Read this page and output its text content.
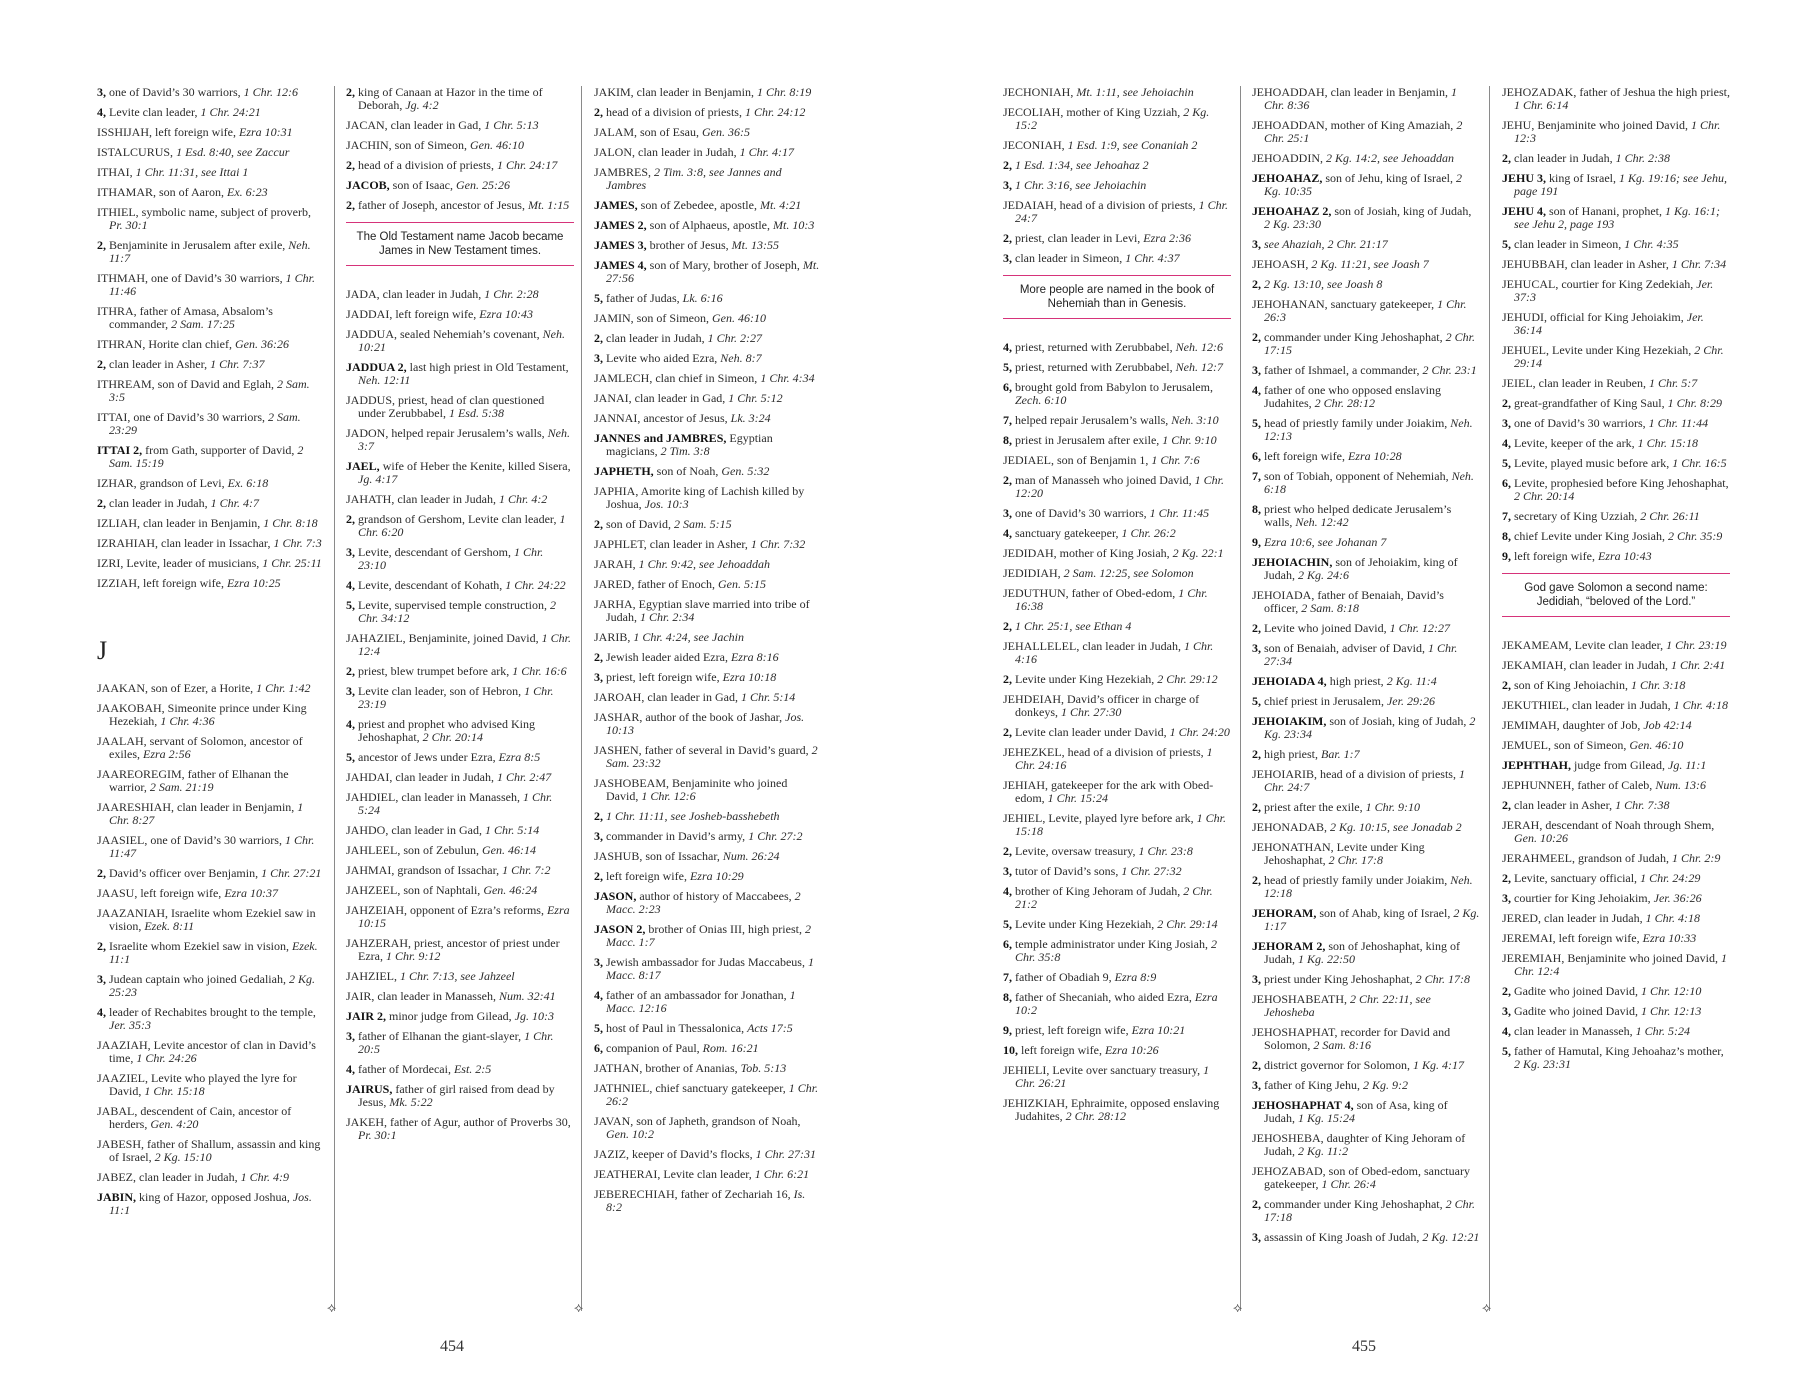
3, one of David’s 30 warriors, 1 Chr. 12:6
4, Levite clan leader, 1 Chr. 24:21
ISSHIJAH, left foreign wife, Ezra 10:31
ISTALCURUS, 1 Esd. 8:40, see Zaccur
ITHAI, 1 Chr. 11:31, see Ittai 1
ITHAMAR, son of Aaron, Ex. 6:23
ITHIEL, symbolic name, subject of proverb, Pr. 30:1
2, Benjaminite in Jerusalem after exile, Neh. 11:7
ITHMAH, one of David’s 30 warriors, 1 Chr. 11:46
ITHRA, father of Amasa, Absalom’s commander, 2 Sam. 17:25
ITHRAN, Horite clan chief, Gen. 36:26
2, clan leader in Asher, 1 Chr. 7:37
ITHREAM, son of David and Eglah, 2 Sam. 3:5
ITTAI, one of David’s 30 warriors, 2 Sam. 23:29
ITTAI 2, from Gath, supporter of David, 2 Sam. 15:19
IZHAR, grandson of Levi, Ex. 6:18
2, clan leader in Judah, 1 Chr. 4:7
IZLIAH, clan leader in Benjamin, 1 Chr. 8:18
IZRAHIAH, clan leader in Issachar, 1 Chr. 7:3
IZRI, Levite, leader of musicians, 1 Chr. 25:11
IZZIAH, left foreign wife, Ezra 10:25
J
JAAKAN, son of Ezer, a Horite, 1 Chr. 1:42
JAAKOBAH, Simeonite prince under King Hezekiah, 1 Chr. 4:36
JAALAH, servant of Solomon, ancestor of exiles, Ezra 2:56
JAAREOREGIM, father of Elhanan the warrior, 2 Sam. 21:19
JAARESHIAH, clan leader in Benjamin, 1 Chr. 8:27
JAASIEL, one of David’s 30 warriors, 1 Chr. 11:47
2, David’s officer over Benjamin, 1 Chr. 27:21
JAASU, left foreign wife, Ezra 10:37
JAAZANIAH, Israelite whom Ezekiel saw in vision, Ezek. 8:11
2, Israelite whom Ezekiel saw in vision, Ezek. 11:1
3, Judean captain who joined Gedaliah, 2 Kg. 25:23
4, leader of Rechabites brought to the temple, Jer. 35:3
JAAZIAH, Levite ancestor of clan in David’s time, 1 Chr. 24:26
JAAZIEL, Levite who played the lyre for David, 1 Chr. 15:18
JABAL, descendent of Cain, ancestor of herders, Gen. 4:20
JABESH, father of Shallum, assassin and king of Israel, 2 Kg. 15:10
JABEZ, clan leader in Judah, 1 Chr. 4:9
JABIN, king of Hazor, opposed Joshua, Jos. 11:1
2, king of Canaan at Hazor in the time of Deborah, Jg. 4:2
JACAN, clan leader in Gad, 1 Chr. 5:13
JACHIN, son of Simeon, Gen. 46:10
2, head of a division of priests, 1 Chr. 24:17
JACOB, son of Isaac, Gen. 25:26
2, father of Joseph, ancestor of Jesus, Mt. 1:15
The Old Testament name Jacob became James in New Testament times.
JADA, clan leader in Judah, 1 Chr. 2:28
JADDAI, left foreign wife, Ezra 10:43
JADDUA, sealed Nehemiah’s covenant, Neh. 10:21
JADDUA 2, last high priest in Old Testament, Neh. 12:11
JADDUS, priest, head of clan questioned under Zerubbabel, 1 Esd. 5:38
JADON, helped repair Jerusalem’s walls, Neh. 3:7
JAEL, wife of Heber the Kenite, killed Sisera, Jg. 4:17
JAHATH, clan leader in Judah, 1 Chr. 4:2
2, grandson of Gershom, Levite clan leader, 1 Chr. 6:20
3, Levite, descendant of Gershom, 1 Chr. 23:10
4, Levite, descendant of Kohath, 1 Chr. 24:22
5, Levite, supervised temple construction, 2 Chr. 34:12
JAHAZIEL, Benjaminite, joined David, 1 Chr. 12:4
2, priest, blew trumpet before ark, 1 Chr. 16:6
3, Levite clan leader, son of Hebron, 1 Chr. 23:19
4, priest and prophet who advised King Jehoshaphat, 2 Chr. 20:14
5, ancestor of Jews under Ezra, Ezra 8:5
JAHDAI, clan leader in Judah, 1 Chr. 2:47
JAHDIEL, clan leader in Manasseh, 1 Chr. 5:24
JAHDO, clan leader in Gad, 1 Chr. 5:14
JAHLEEL, son of Zebulun, Gen. 46:14
JAHMAI, grandson of Issachar, 1 Chr. 7:2
JAHZEEL, son of Naphtali, Gen. 46:24
JAHZEIAH, opponent of Ezra’s reforms, Ezra 10:15
JAHZERAH, priest, ancestor of priest under Ezra, 1 Chr. 9:12
JAHZIEL, 1 Chr. 7:13, see Jahzeel
JAIR, clan leader in Manasseh, Num. 32:41
JAIR 2, minor judge from Gilead, Jg. 10:3
3, father of Elhanan the giant-slayer, 1 Chr. 20:5
4, father of Mordecai, Est. 2:5
JAIRUS, father of girl raised from dead by Jesus, Mk. 5:22
JAKEH, father of Agur, author of Proverbs 30, Pr. 30:1
JAKIM, clan leader in Benjamin, 1 Chr. 8:19
2, head of a division of priests, 1 Chr. 24:12
JALAM, son of Esau, Gen. 36:5
JALON, clan leader in Judah, 1 Chr. 4:17
JAMBRES, 2 Tim. 3:8, see Jannes and Jambres
JAMES, son of Zebedee, apostle, Mt. 4:21
JAMES 2, son of Alphaeus, apostle, Mt. 10:3
JAMES 3, brother of Jesus, Mt. 13:55
JAMES 4, son of Mary, brother of Joseph, Mt. 27:56
5, father of Judas, Lk. 6:16
JAMIN, son of Simeon, Gen. 46:10
2, clan leader in Judah, 1 Chr. 2:27
3, Levite who aided Ezra, Neh. 8:7
JAMLECH, clan chief in Simeon, 1 Chr. 4:34
JANAI, clan leader in Gad, 1 Chr. 5:12
JANNAI, ancestor of Jesus, Lk. 3:24
JANNES and JAMBRES, Egyptian magicians, 2 Tim. 3:8
JAPHETH, son of Noah, Gen. 5:32
JAPHIA, Amorite king of Lachish killed by Joshua, Jos. 10:3
2, son of David, 2 Sam. 5:15
JAPHLET, clan leader in Asher, 1 Chr. 7:32
JARAH, 1 Chr. 9:42, see Jehoaddah
JARED, father of Enoch, Gen. 5:15
JARHA, Egyptian slave married into tribe of Judah, 1 Chr. 2:34
JARIB, 1 Chr. 4:24, see Jachin
2, Jewish leader aided Ezra, Ezra 8:16
3, priest, left foreign wife, Ezra 10:18
JAROAH, clan leader in Gad, 1 Chr. 5:14
JASHAR, author of the book of Jashar, Jos. 10:13
JASHEN, father of several in David’s guard, 2 Sam. 23:32
JASHOBEAM, Benjaminite who joined David, 1 Chr. 12:6
2, 1 Chr. 11:11, see Josheb-basshebeth
3, commander in David’s army, 1 Chr. 27:2
JASHUB, son of Issachar, Num. 26:24
2, left foreign wife, Ezra 10:29
JASON, author of history of Maccabees, 2 Macc. 2:23
JASON 2, brother of Onias III, high priest, 2 Macc. 1:7
3, Jewish ambassador for Judas Maccabeus, 1 Macc. 8:17
4, father of an ambassador for Jonathan, 1 Macc. 12:16
5, host of Paul in Thessalonica, Acts 17:5
6, companion of Paul, Rom. 16:21
JATHAN, brother of Ananias, Tob. 5:13
JATHNIEL, chief sanctuary gatekeeper, 1 Chr. 26:2
JAVAN, son of Japheth, grandson of Noah, Gen. 10:2
JAZIZ, keeper of David’s flocks, 1 Chr. 27:31
JEATHERAI, Levite clan leader, 1 Chr. 6:21
JEBERECHIAH, father of Zechariah 16, Is. 8:2
JECHONIAH, Mt. 1:11, see Jehoiachin
JECOLIAH, mother of King Uzziah, 2 Kg. 15:2
JECONIAH, 1 Esd. 1:9, see Conaniah 2
2, 1 Esd. 1:34, see Jehoahaz 2
3, 1 Chr. 3:16, see Jehoiachin
JEDAIAH, head of a division of priests, 1 Chr. 24:7
2, priest, clan leader in Levi, Ezra 2:36
3, clan leader in Simeon, 1 Chr. 4:37
More people are named in the book of Nehemiah than in Genesis.
4, priest, returned with Zerubbabel, Neh. 12:6
5, priest, returned with Zerubbabel, Neh. 12:7
6, brought gold from Babylon to Jerusalem, Zech. 6:10
7, helped repair Jerusalem’s walls, Neh. 3:10
8, priest in Jerusalem after exile, 1 Chr. 9:10
JEDIAEL, son of Benjamin 1, 1 Chr. 7:6
2, man of Manasseh who joined David, 1 Chr. 12:20
3, one of David’s 30 warriors, 1 Chr. 11:45
4, sanctuary gatekeeper, 1 Chr. 26:2
JEDIDAH, mother of King Josiah, 2 Kg. 22:1
JEDIDIAH, 2 Sam. 12:25, see Solomon
JEDUTHUN, father of Obed-edom, 1 Chr. 16:38
2, 1 Chr. 25:1, see Ethan 4
JEHALLELEL, clan leader in Judah, 1 Chr. 4:16
2, Levite under King Hezekiah, 2 Chr. 29:12
JEHDEIAH, David’s officer in charge of donkeys, 1 Chr. 27:30
2, Levite clan leader under David, 1 Chr. 24:20
JEHEZKEL, head of a division of priests, 1 Chr. 24:16
JEHIAH, gatekeeper for the ark with Obed-edom, 1 Chr. 15:24
JEHIEL, Levite, played lyre before ark, 1 Chr. 15:18
2, Levite, oversaw treasury, 1 Chr. 23:8
3, tutor of David’s sons, 1 Chr. 27:32
4, brother of King Jehoram of Judah, 2 Chr. 21:2
5, Levite under King Hezekiah, 2 Chr. 29:14
6, temple administrator under King Josiah, 2 Chr. 35:8
7, father of Obadiah 9, Ezra 8:9
8, father of Shecaniah, who aided Ezra, Ezra 10:2
9, priest, left foreign wife, Ezra 10:21
10, left foreign wife, Ezra 10:26
JEHIELI, Levite over sanctuary treasury, 1 Chr. 26:21
JEHIZKIAH, Ephraimite, opposed enslaving Judahites, 2 Chr. 28:12
JEHOADDAH, clan leader in Benjamin, 1 Chr. 8:36
JEHOADDAN, mother of King Amaziah, 2 Chr. 25:1
JEHOADDIN, 2 Kg. 14:2, see Jehoaddan
JEHOAHAZ, son of Jehu, king of Israel, 2 Kg. 10:35
JEHOAHAZ 2, son of Josiah, king of Judah, 2 Kg. 23:30
3, see Ahaziah, 2 Chr. 21:17
JEHOASH, 2 Kg. 11:21, see Joash 7
2, 2 Kg. 13:10, see Joash 8
JEHOHANAN, sanctuary gatekeeper, 1 Chr. 26:3
2, commander under King Jehoshaphat, 2 Chr. 17:15
3, father of Ishmael, a commander, 2 Chr. 23:1
4, father of one who opposed enslaving Judahites, 2 Chr. 28:12
5, head of priestly family under Joiakim, Neh. 12:13
6, left foreign wife, Ezra 10:28
7, son of Tobiah, opponent of Nehemiah, Neh. 6:18
8, priest who helped dedicate Jerusalem’s walls, Neh. 12:42
9, Ezra 10:6, see Johanan 7
JEHOIACHIN, son of Jehoiakim, king of Judah, 2 Kg. 24:6
JEHOIADA, father of Benaiah, David’s officer, 2 Sam. 8:18
2, Levite who joined David, 1 Chr. 12:27
3, son of Benaiah, adviser of David, 1 Chr. 27:34
JEHOIADA 4, high priest, 2 Kg. 11:4
5, chief priest in Jerusalem, Jer. 29:26
JEHOIAKIM, son of Josiah, king of Judah, 2 Kg. 23:34
2, high priest, Bar. 1:7
JEHOIARIB, head of a division of priests, 1 Chr. 24:7
2, priest after the exile, 1 Chr. 9:10
JEHONADAB, 2 Kg. 10:15, see Jonadab 2
JEHONATHAN, Levite under King Jehoshaphat, 2 Chr. 17:8
2, head of priestly family under Joiakim, Neh. 12:18
JEHORAM, son of Ahab, king of Israel, 2 Kg. 1:17
JEHORAM 2, son of Jehoshaphat, king of Judah, 1 Kg. 22:50
3, priest under King Jehoshaphat, 2 Chr. 17:8
JEHOSHABEATH, 2 Chr. 22:11, see Jehosheba
JEHOSHAPHAT, recorder for David and Solomon, 2 Sam. 8:16
2, district governor for Solomon, 1 Kg. 4:17
3, father of King Jehu, 2 Kg. 9:2
JEHOSHAPHAT 4, son of Asa, king of Judah, 1 Kg. 15:24
JEHOSHEBA, daughter of King Jehoram of Judah, 2 Kg. 11:2
JEHOZABAD, son of Obed-edom, sanctuary gatekeeper, 1 Chr. 26:4
2, commander under King Jehoshaphat, 2 Chr. 17:18
3, assassin of King Joash of Judah, 2 Kg. 12:21
JEHOZADAK, father of Jeshua the high priest, 1 Chr. 6:14
JEHU, Benjaminite who joined David, 1 Chr. 12:3
2, clan leader in Judah, 1 Chr. 2:38
JEHU 3, king of Israel, 1 Kg. 19:16; see Jehu, page 191
JEHU 4, son of Hanani, prophet, 1 Kg. 16:1; see Jehu 2, page 193
5, clan leader in Simeon, 1 Chr. 4:35
JEHUBBAH, clan leader in Asher, 1 Chr. 7:34
JEHUCAL, courtier for King Zedekiah, Jer. 37:3
JEHUDI, official for King Jehoiakim, Jer. 36:14
JEHUEL, Levite under King Hezekiah, 2 Chr. 29:14
JEIEL, clan leader in Reuben, 1 Chr. 5:7
2, great-grandfather of King Saul, 1 Chr. 8:29
3, one of David’s 30 warriors, 1 Chr. 11:44
4, Levite, keeper of the ark, 1 Chr. 15:18
5, Levite, played music before ark, 1 Chr. 16:5
6, Levite, prophesied before King Jehoshaphat, 2 Chr. 20:14
7, secretary of King Uzziah, 2 Chr. 26:11
8, chief Levite under King Josiah, 2 Chr. 35:9
9, left foreign wife, Ezra 10:43
God gave Solomon a second name: Jedidiah, “beloved of the Lord.”
JEKAMEAM, Levite clan leader, 1 Chr. 23:19
JEKAMIAH, clan leader in Judah, 1 Chr. 2:41
2, son of King Jehoiachin, 1 Chr. 3:18
JEKUTHIEL, clan leader in Judah, 1 Chr. 4:18
JEMIMAH, daughter of Job, Job 42:14
JEMUEL, son of Simeon, Gen. 46:10
JEPHTHAH, judge from Gilead, Jg. 11:1
JEPHUNNEH, father of Caleb, Num. 13:6
2, clan leader in Asher, 1 Chr. 7:38
JERAH, descendant of Noah through Shem, Gen. 10:26
JERAHMEEL, grandson of Judah, 1 Chr. 2:9
2, Levite, sanctuary official, 1 Chr. 24:29
3, courtier for King Jehoiakim, Jer. 36:26
JERED, clan leader in Judah, 1 Chr. 4:18
JEREMAI, left foreign wife, Ezra 10:33
JEREMIAH, Benjaminite who joined David, 1 Chr. 12:4
2, Gadite who joined David, 1 Chr. 12:10
3, Gadite who joined David, 1 Chr. 12:13
4, clan leader in Manasseh, 1 Chr. 5:24
5, father of Hamutal, King Jehoahaz’s mother, 2 Kg. 23:31
⟡	⟡	⟡	⟡
454	455
